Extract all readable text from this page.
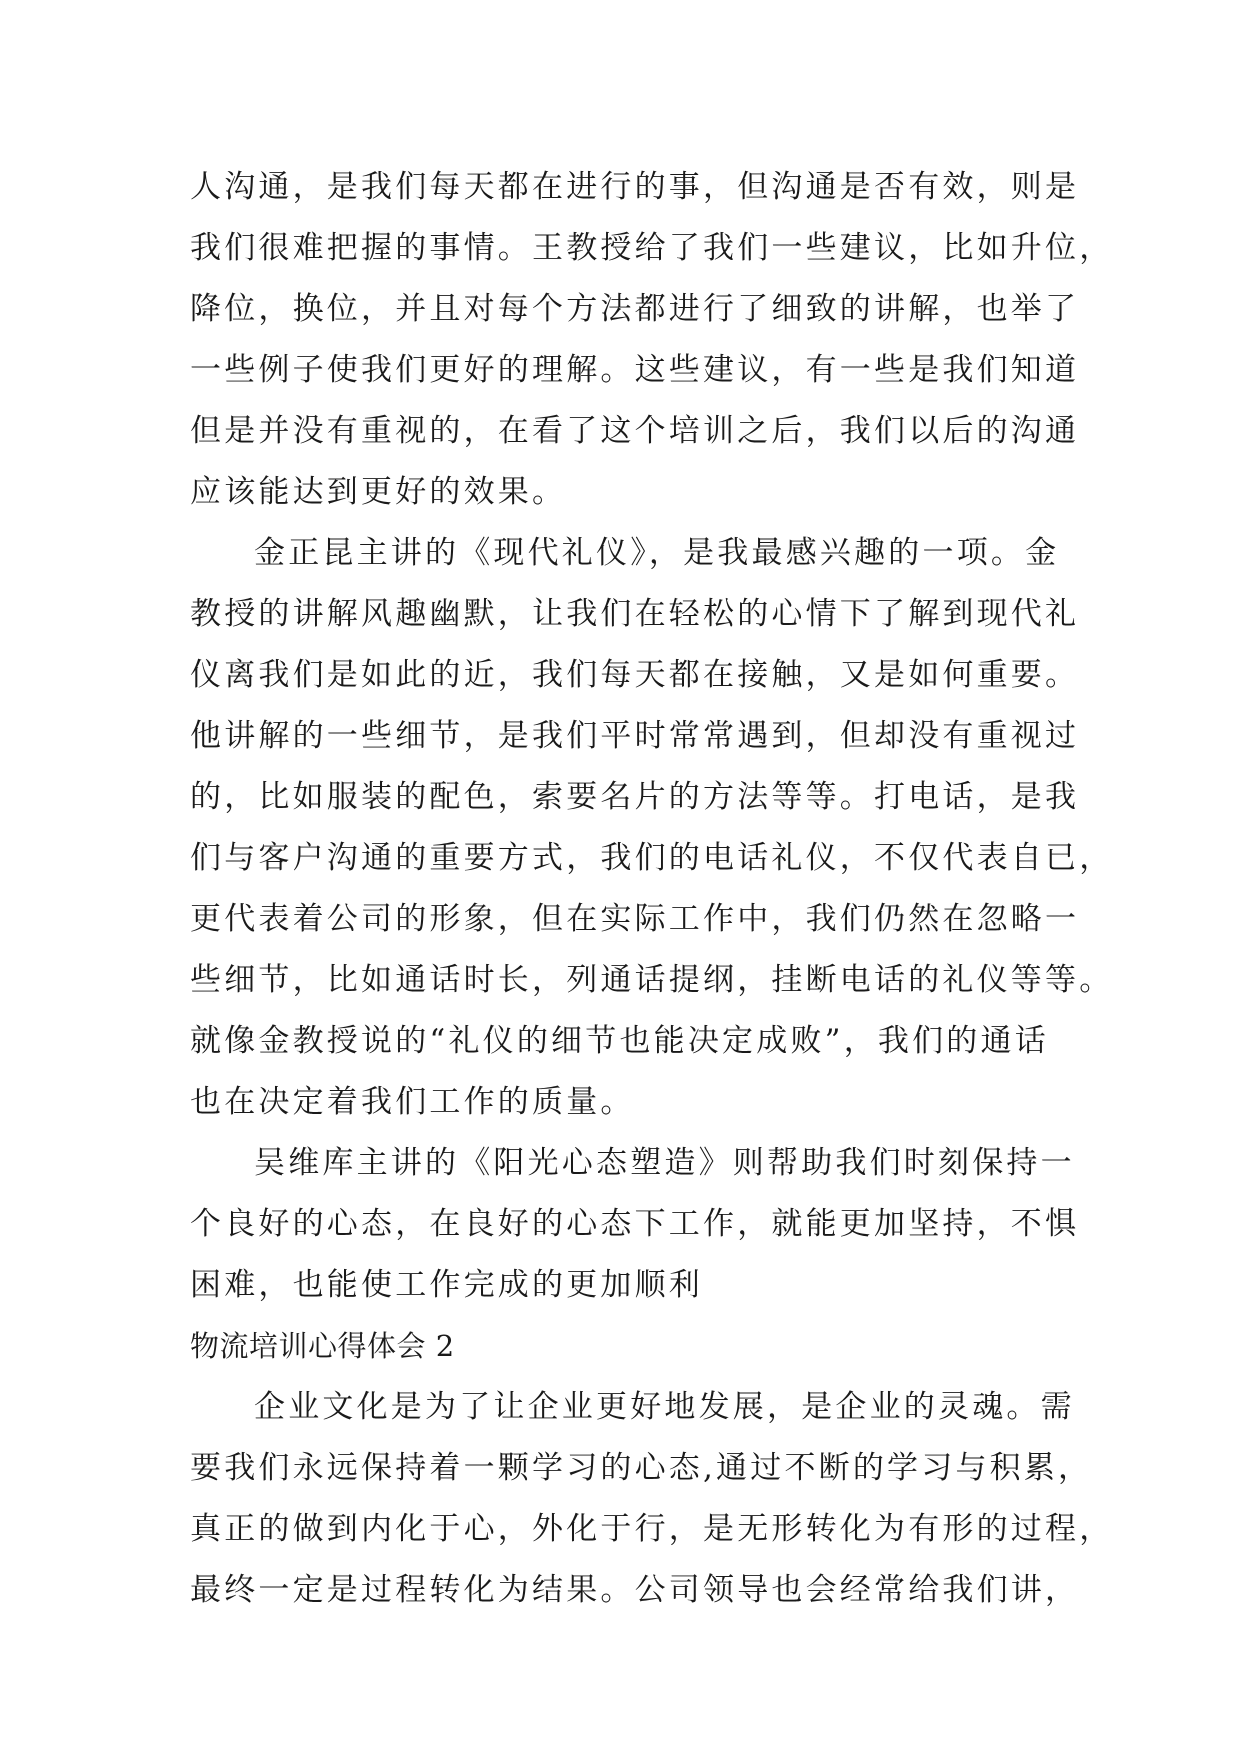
人沟通，是我们每天都在进行的事，但沟通是否有效，则是
我们很难把握的事情。王教授给了我们一些建议，比如升位，
降位，换位，并且对每个方法都进行了细致的讲解，也举了
一些例子使我们更好的理解。这些建议，有一些是我们知道
但是并没有重视的，在看了这个培训之后，我们以后的沟通
应该能达到更好的效果。
金正昆主讲的《现代礼仪》，是我最感兴趣的一项。金
教授的讲解风趣幽默，让我们在轻松的心情下了解到现代礼
仪离我们是如此的近，我们每天都在接触，又是如何重要。
他讲解的一些细节，是我们平时常常遇到，但却没有重视过
的，比如服装的配色，索要名片的方法等等。打电话，是我
们与客户沟通的重要方式，我们的电话礼仪，不仅代表自已，
更代表着公司的形象，但在实际工作中，我们仍然在忽略一
些细节，比如通话时长，列通话提纲，挂断电话的礼仪等等。
就像金教授说的“礼仪的细节也能决定成败”，我们的通话
也在决定着我们工作的质量。
吴维库主讲的《阳光心态塑造》则帮助我们时刻保持一
个良好的心态，在良好的心态下工作，就能更加坚持，不惧
困难，也能使工作完成的更加顺利
物流培训心得体会 2
企业文化是为了让企业更好地发展，是企业的灵魂。需
要我们永远保持着一颗学习的心态,通过不断的学习与积累，
真正的做到内化于心，外化于行，是无形转化为有形的过程，
最终一定是过程转化为结果。公司领导也会经常给我们讲，
